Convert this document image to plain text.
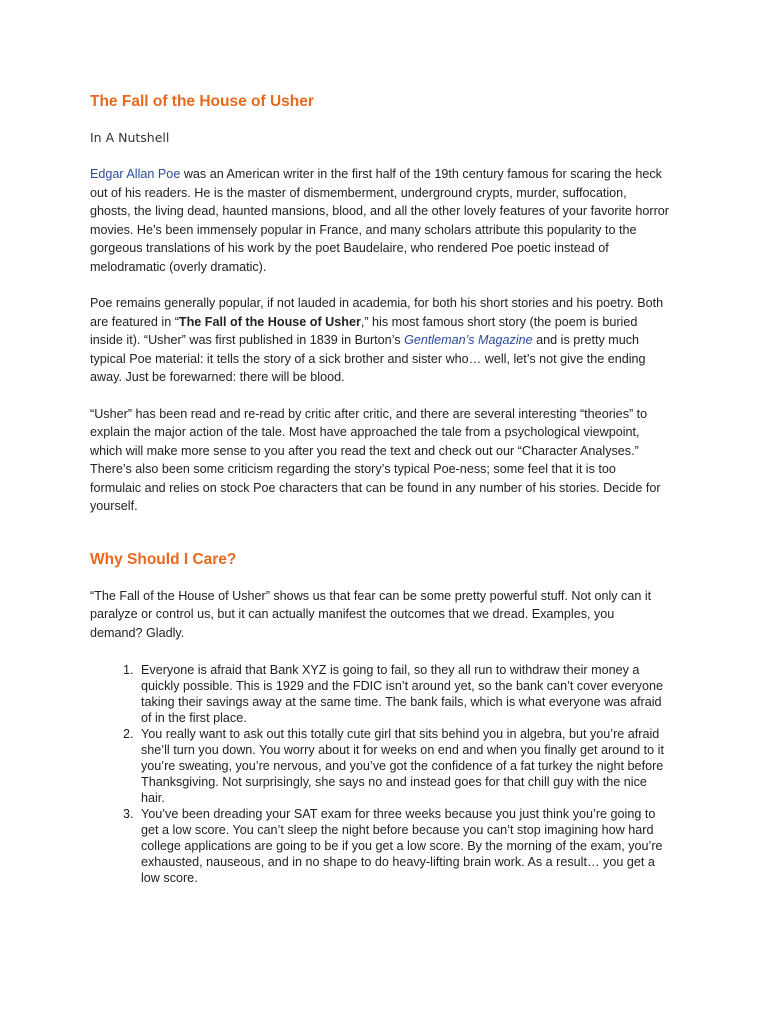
The Fall of the House of Usher
In A Nutshell

Edgar Allan Poe was an American writer in the first half of the 19th century famous for scaring the heck out of his readers. He is the master of dismemberment, underground crypts, murder, suffocation, ghosts, the living dead, haunted mansions, blood, and all the other lovely features of your favorite horror movies. He’s been immensely popular in France, and many scholars attribute this popularity to the gorgeous translations of his work by the poet Baudelaire, who rendered Poe poetic instead of melodramatic (overly dramatic).

Poe remains generally popular, if not lauded in academia, for both his short stories and his poetry. Both are featured in “The Fall of the House of Usher,” his most famous short story (the poem is buried inside it). “Usher” was first published in 1839 in Burton’s Gentleman’s Magazine and is pretty much typical Poe material: it tells the story of a sick brother and sister who… well, let’s not give the ending away. Just be forewarned: there will be blood.

“Usher” has been read and re-read by critic after critic, and there are several interesting “theories” to explain the major action of the tale. Most have approached the tale from a psychological viewpoint, which will make more sense to you after you read the text and check out our “Character Analyses.” There’s also been some criticism regarding the story’s typical Poe-ness; some feel that it is too formulaic and relies on stock Poe characters that can be found in any number of his stories. Decide for yourself.

Why Should I Care?

“The Fall of the House of Usher” shows us that fear can be some pretty powerful stuff. Not only can it paralyze or control us, but it can actually manifest the outcomes that we dread. Examples, you demand? Gladly.

1. Everyone is afraid that Bank XYZ is going to fail, so they all run to withdraw their money a quickly possible. This is 1929 and the FDIC isn’t around yet, so the bank can’t cover everyone taking their savings away at the same time. The bank fails, which is what everyone was afraid of in the first place.
2. You really want to ask out this totally cute girl that sits behind you in algebra, but you’re afraid she’ll turn you down. You worry about it for weeks on end and when you finally get around to it you’re sweating, you’re nervous, and you’ve got the confidence of a fat turkey the night before Thanksgiving. Not surprisingly, she says no and instead goes for that chill guy with the nice hair.
3. You’ve been dreading your SAT exam for three weeks because you just think you’re going to get a low score. You can’t sleep the night before because you can’t stop imagining how hard college applications are going to be if you get a low score. By the morning of the exam, you’re exhausted, nauseous, and in no shape to do heavy-lifting brain work. As a result… you get a low score.
